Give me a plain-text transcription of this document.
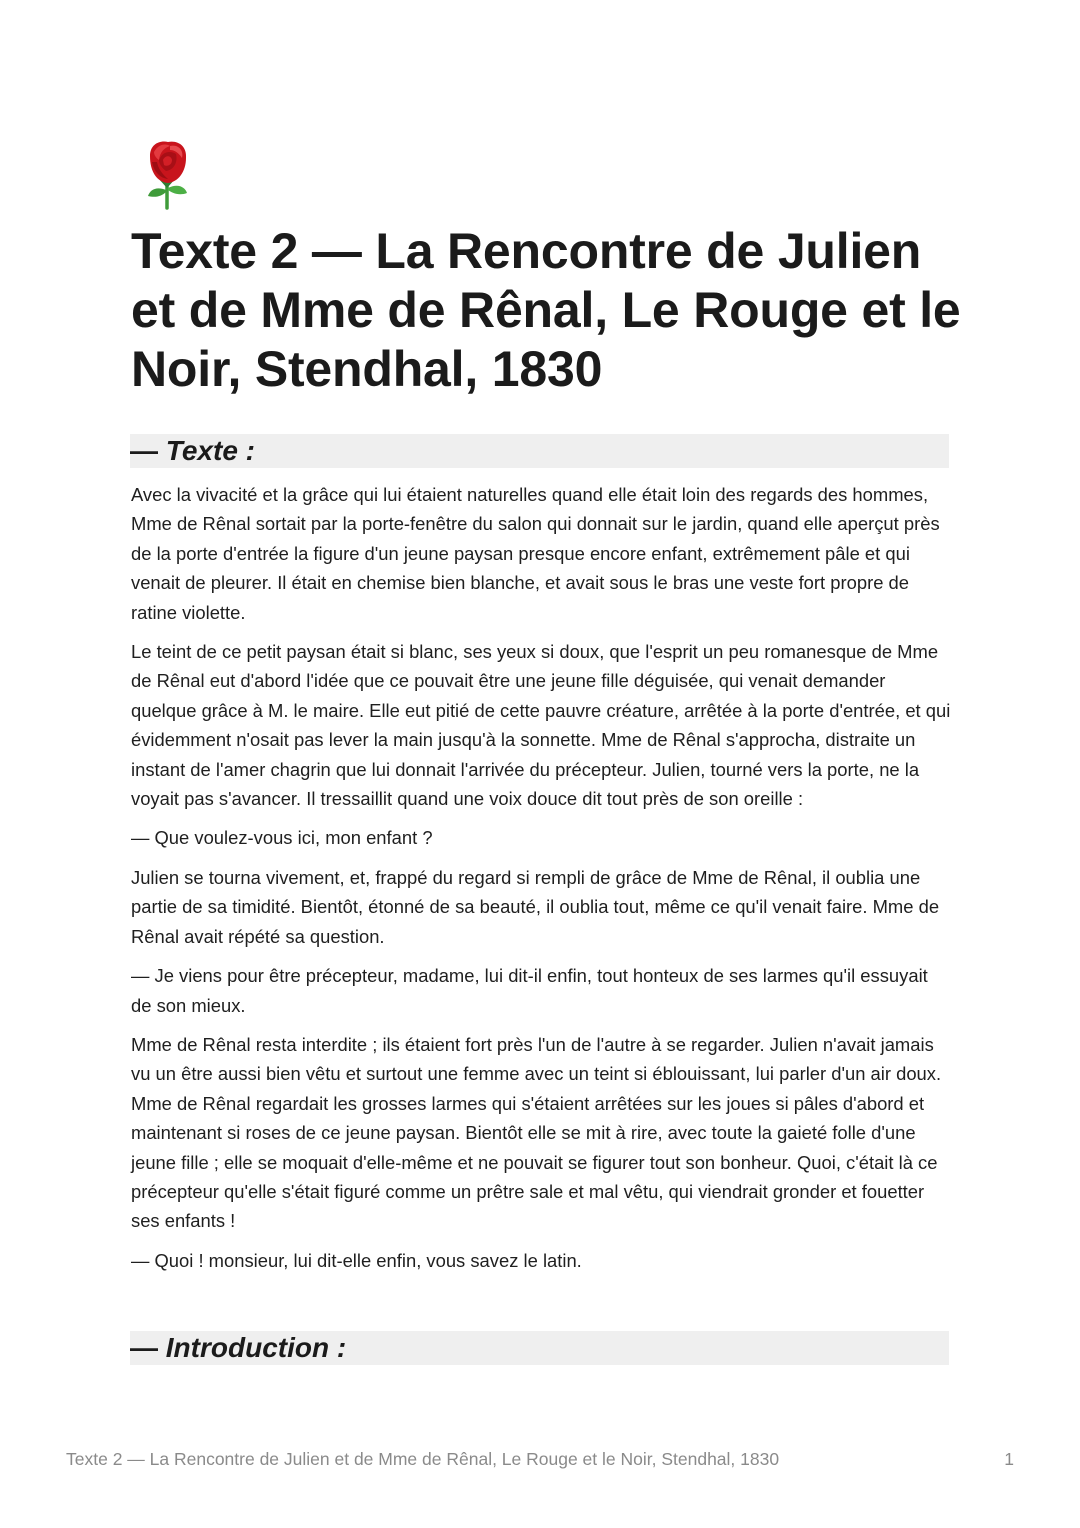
Texte 2 — La Rencontre de Julien et de Mme de Rênal, Le Rouge et le Noir, Stendhal, 1830
— Texte :

Avec la vivacité et la grâce qui lui étaient naturelles quand elle était loin des regards des hommes, Mme de Rênal sortait par la porte-fenêtre du salon qui donnait sur le jardin, quand elle aperçut près de la porte d'entrée la figure d'un jeune paysan presque encore enfant, extrêmement pâle et qui venait de pleurer. Il était en chemise bien blanche, et avait sous le bras une veste fort propre de ratine violette.

Le teint de ce petit paysan était si blanc, ses yeux si doux, que l'esprit un peu romanesque de Mme de Rênal eut d'abord l'idée que ce pouvait être une jeune fille déguisée, qui venait demander quelque grâce à M. le maire. Elle eut pitié de cette pauvre créature, arrêtée à la porte d'entrée, et qui évidemment n'osait pas lever la main jusqu'à la sonnette. Mme de Rênal s'approcha, distraite un instant de l'amer chagrin que lui donnait l'arrivée du précepteur. Julien, tourné vers la porte, ne la voyait pas s'avancer. Il tressaillit quand une voix douce dit tout près de son oreille :

— Que voulez-vous ici, mon enfant ?

Julien se tourna vivement, et, frappé du regard si rempli de grâce de Mme de Rênal, il oublia une partie de sa timidité. Bientôt, étonné de sa beauté, il oublia tout, même ce qu'il venait faire. Mme de Rênal avait répété sa question.

— Je viens pour être précepteur, madame, lui dit-il enfin, tout honteux de ses larmes qu'il essuyait de son mieux.

Mme de Rênal resta interdite ; ils étaient fort près l'un de l'autre à se regarder. Julien n'avait jamais vu un être aussi bien vêtu et surtout une femme avec un teint si éblouissant, lui parler d'un air doux. Mme de Rênal regardait les grosses larmes qui s'étaient arrêtées sur les joues si pâles d'abord et maintenant si roses de ce jeune paysan. Bientôt elle se mit à rire, avec toute la gaieté folle d'une jeune fille ; elle se moquait d'elle-même et ne pouvait se figurer tout son bonheur. Quoi, c'était là ce précepteur qu'elle s'était figuré comme un prêtre sale et mal vêtu, qui viendrait gronder et fouetter ses enfants !

— Quoi ! monsieur, lui dit-elle enfin, vous savez le latin.

— Introduction :
Texte 2 — La Rencontre de Julien et de Mme de Rênal, Le Rouge et le Noir, Stendhal, 1830	1
